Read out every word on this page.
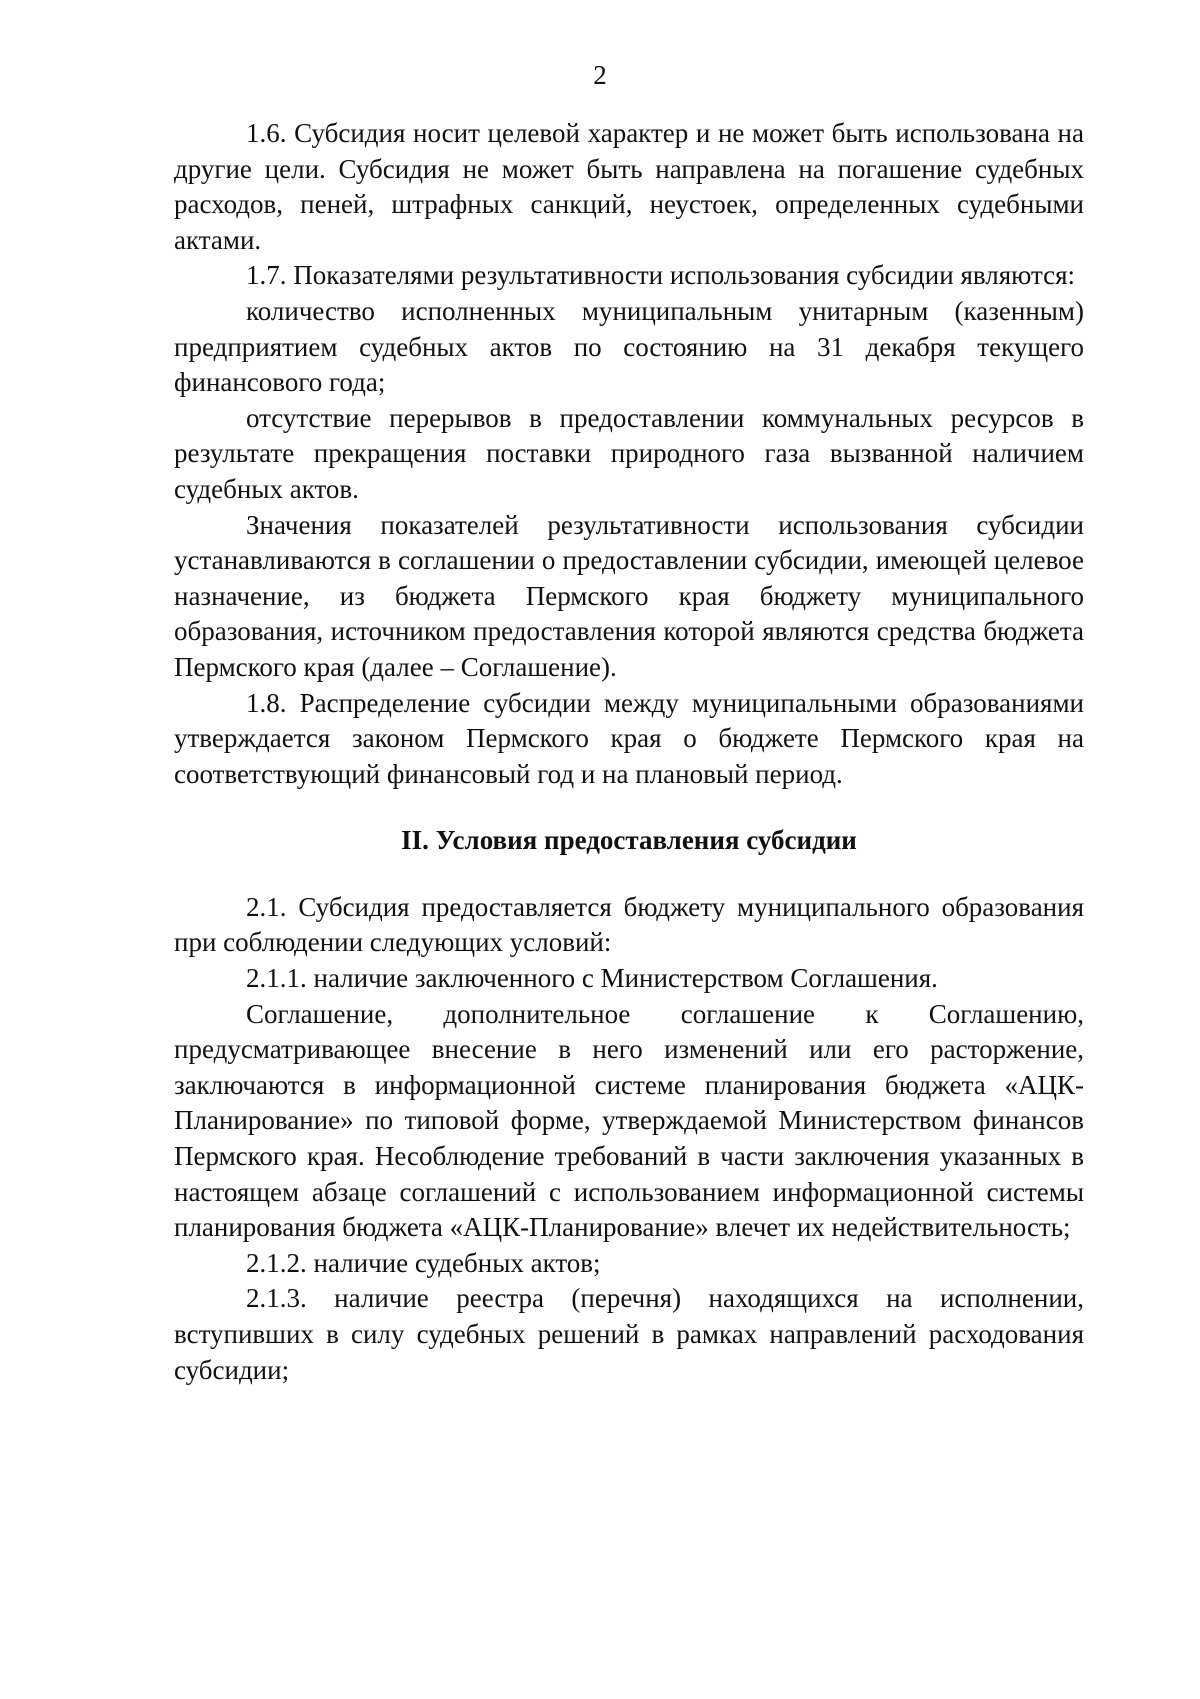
2

1.6. Субсидия носит целевой характер и не может быть использована на другие цели. Субсидия не может быть направлена на погашение судебных расходов, пеней, штрафных санкций, неустоек, определенных судебными актами.

1.7. Показателями результативности использования субсидии являются:

количество исполненных муниципальным унитарным (казенным) предприятием судебных актов по состоянию на 31 декабря текущего финансового года;

отсутствие перерывов в предоставлении коммунальных ресурсов в результате прекращения поставки природного газа вызванной наличием судебных актов.

Значения показателей результативности использования субсидии устанавливаются в соглашении о предоставлении субсидии, имеющей целевое назначение, из бюджета Пермского края бюджету муниципального образования, источником предоставления которой являются средства бюджета Пермского края (далее – Соглашение).

1.8. Распределение субсидии между муниципальными образованиями утверждается законом Пермского края о бюджете Пермского края на соответствующий финансовый год и на плановый период.

II. Условия предоставления субсидии

2.1. Субсидия предоставляется бюджету муниципального образования при соблюдении следующих условий:

2.1.1. наличие заключенного с Министерством Соглашения.

Соглашение, дополнительное соглашение к Соглашению, предусматривающее внесение в него изменений или его расторжение, заключаются в информационной системе планирования бюджета «АЦК-Планирование» по типовой форме, утверждаемой Министерством финансов Пермского края. Несоблюдение требований в части заключения указанных в настоящем абзаце соглашений с использованием информационной системы планирования бюджета «АЦК-Планирование» влечет их недействительность;

2.1.2. наличие судебных актов;

2.1.3. наличие реестра (перечня) находящихся на исполнении, вступивших в силу судебных решений в рамках направлений расходования субсидии;
